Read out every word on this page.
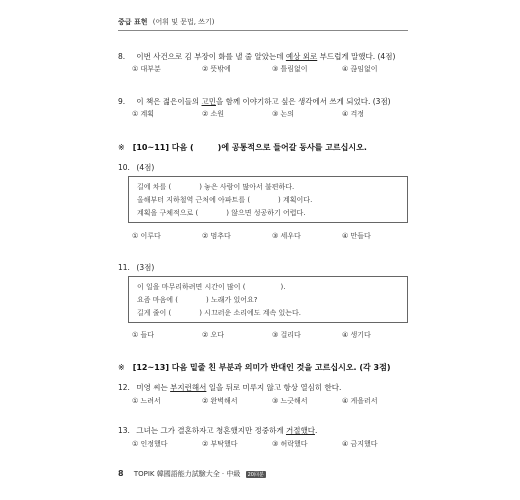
중급 표현 (어휘 및 문법, 쓰기)
8. 이번 사건으로 김 부장이 화를 낼 줄 알았는데 예상 외로 부드럽게 말했다. (4점)
① 대부분	② 뜻밖에	③ 틀림없이	④ 끊임없이
9. 이 책은 젊은이들의 고민을 함께 이야기하고 싶은 생각에서 쓰게 되었다. (3점)
① 계획	② 소원	③ 논의	④ 걱정
※ [10~11] 다음 (　　　)에 공통적으로 들어갈 동사를 고르십시오.
10. (4점)
길에 차를 (　　　　) 놓은 사람이 많아서 불편하다.
올해부터 지하철역 근처에 아파트를 (　　　　) 계획이다.
계획을 구체적으로 (　　　　) 않으면 성공하기 어렵다.
① 이루다	② 멈추다	③ 세우다	④ 만들다
11. (3점)
이 일을 마무리하려면 시간이 많이 (　　　　　).
요즘 마음에 (　　　　) 노래가 있어요?
길게 줄이 (　　　　) 시끄러운 소리에도 계속 있는다.
① 들다	② 오다	③ 걸리다	④ 생기다
※ [12~13] 다음 밑줄 친 부분과 의미가 반대인 것을 고르십시오. (각 3점)
12. 미영 씨는 부지런해서 일을 뒤로 미루지 않고 항상 열심히 한다.
① 느려서	② 완벽해서	③ 느긋해서	④ 게을러서
13. 그녀는 그가 결혼하자고 청혼했지만 정중하게 거절했다.
① 인정했다	② 부탁했다	③ 허락했다	④ 금지했다
8 TOPIK 韓國語能力試驗大全 · 中級 20回분
